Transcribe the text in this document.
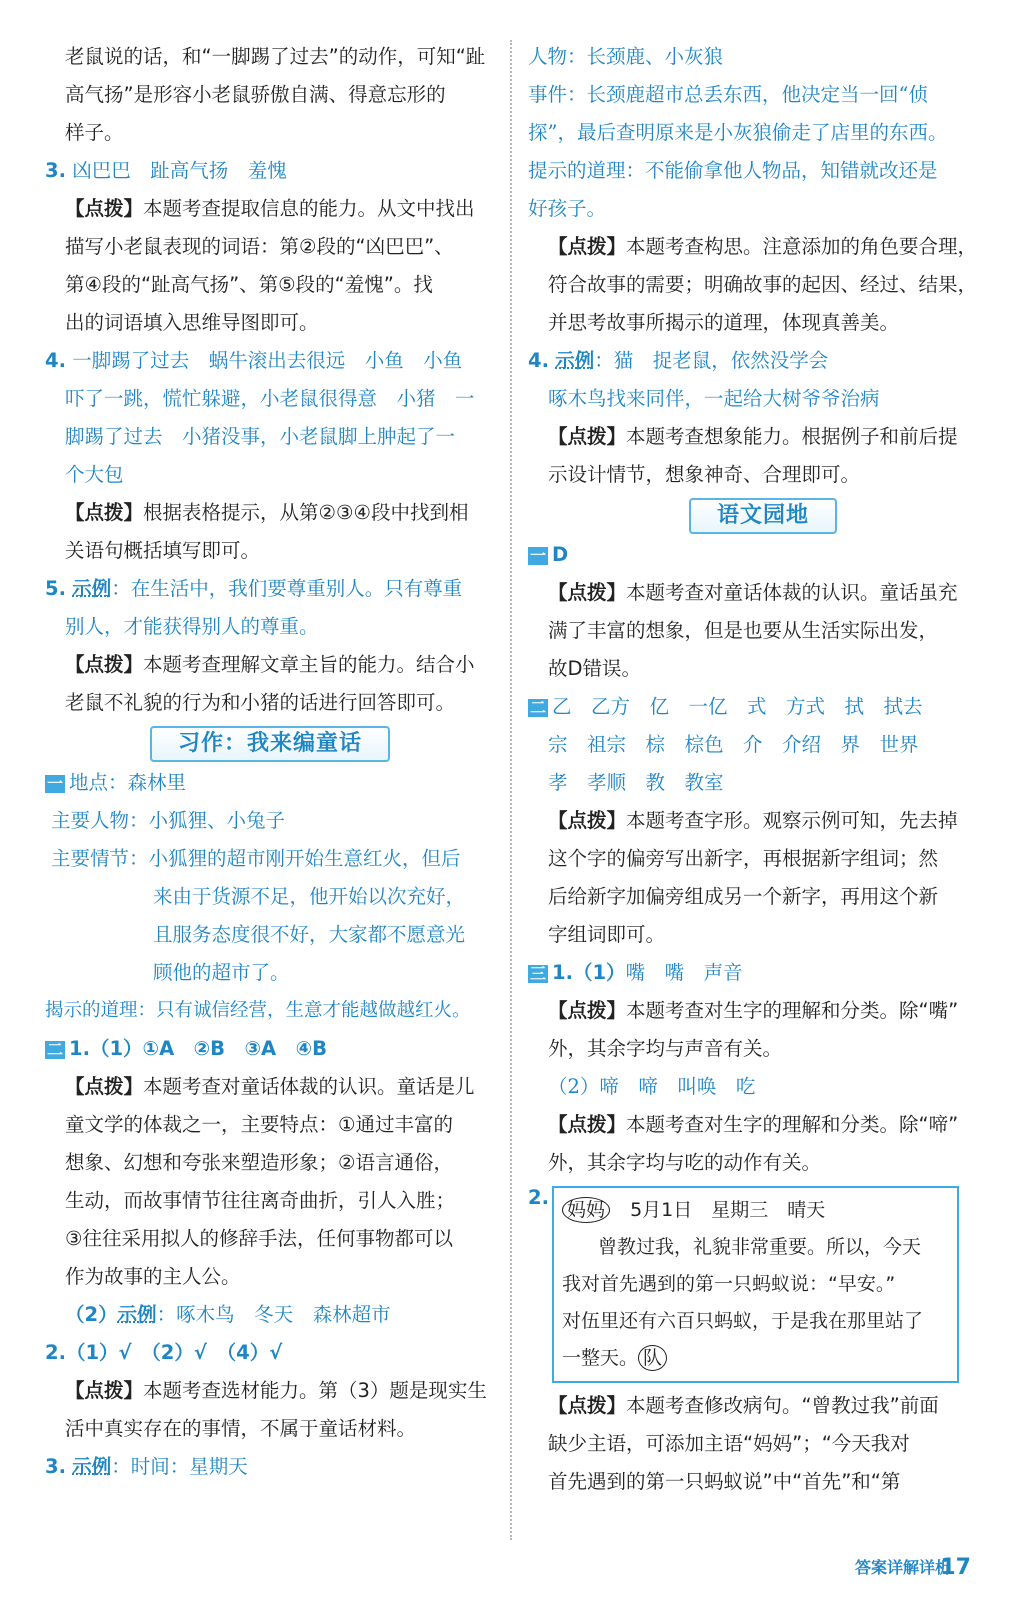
老鼠说的话，和“一脚踢了过去”的动作，可知“趾
高气扬”是形容小老鼠骄傲自满、得意忘形的
样子。
3. 凶巴巴　趾高气扬　羞愧
【点拨】本题考查提取信息的能力。从文中找出
描写小老鼠表现的词语：第②段的“凶巴巴”、
第④段的“趾高气扬”、第⑤段的“羞愧”。找
出的词语填入思维导图即可。
4. 一脚踢了过去　蜗牛滚出去很远　小鱼　小鱼
吓了一跳，慌忙躲避，小老鼠很得意　小猪　一
脚踢了过去　小猪没事，小老鼠脚上肿起了一
个大包
【点拨】根据表格提示，从第②③④段中找到相
关语句概括填写即可。
5. 示例：在生活中，我们要尊重别人。只有尊重
别人，才能获得别人的尊重。
【点拨】本题考查理解文章主旨的能力。结合小
老鼠不礼貌的行为和小猪的话进行回答即可。
习作：我来编童话
一 地点：森林里
主要人物：小狐狸、小兔子
主要情节：小狐狸的超市刚开始生意红火，但后
来由于货源不足，他开始以次充好，
且服务态度很不好，大家都不愿意光
顾他的超市了。
揭示的道理：只有诚信经营，生意才能越做越红火。
二 1.（1）①A　②B　③A　④B
【点拨】本题考查对童话体裁的认识。童话是儿
童文学的体裁之一，主要特点：①通过丰富的
想象、幻想和夸张来塑造形象；②语言通俗，
生动，而故事情节往往离奇曲折，引人入胜；
③往往采用拟人的修辞手法，任何事物都可以
作为故事的主人公。
（2）示例：啄木鸟　冬天　森林超市
2.（1）√　（2）√　（4）√
【点拨】本题考查选材能力。第（3）题是现实生
活中真实存在的事情，不属于童话材料。
3. 示例：时间：星期天
人物：长颈鹿、小灰狼
事件：长颈鹿超市总丢东西，他决定当一回“侦
探”，最后查明原来是小灰狼偷走了店里的东西。
提示的道理：不能偷拿他人物品，知错就改还是
好孩子。
【点拨】本题考查构思。注意添加的角色要合理，
符合故事的需要；明确故事的起因、经过、结果，
并思考故事所揭示的道理，体现真善美。
4. 示例：猫　捉老鼠，依然没学会
啄木鸟找来同伴，一起给大树爷爷治病
【点拨】本题考查想象能力。根据例子和前后提
示设计情节，想象神奇、合理即可。
语文园地
一 D
【点拨】本题考查对童话体裁的认识。童话虽充
满了丰富的想象，但是也要从生活实际出发，
故D错误。
二 乙　乙方　亿　一亿　式　方式　拭　拭去
宗　祖宗　棕　棕色　介　介绍　界　世界
孝　孝顺　教　教室
【点拨】本题考查字形。观察示例可知，先去掉
这个字的偏旁写出新字，再根据新字组词；然
后给新字加偏旁组成另一个新字，再用这个新
字组词即可。
三 1.（1）嘴　嘴　声音
【点拨】本题考查对生字的理解和分类。除“嘴”
外，其余字均与声音有关。
（2）啼　啼　叫唤　吃
【点拨】本题考查对生字的理解和分类。除“啼”
外，其余字均与吃的动作有关。
2.
妈妈 5月1日　星期三　晴天
曾教过我，礼貌非常重要。所以，今天
我对首先遇到的第一只蚂蚁说：“早安。”
对伍里还有六百只蚂蚁，于是我在那里站了
一整天。 队
【点拨】本题考查修改病句。“曾教过我”前面
缺少主语，可添加主语“妈妈”；“今天我对
首先遇到的第一只蚂蚁说”中“首先”和“第
答案详解详析
17
